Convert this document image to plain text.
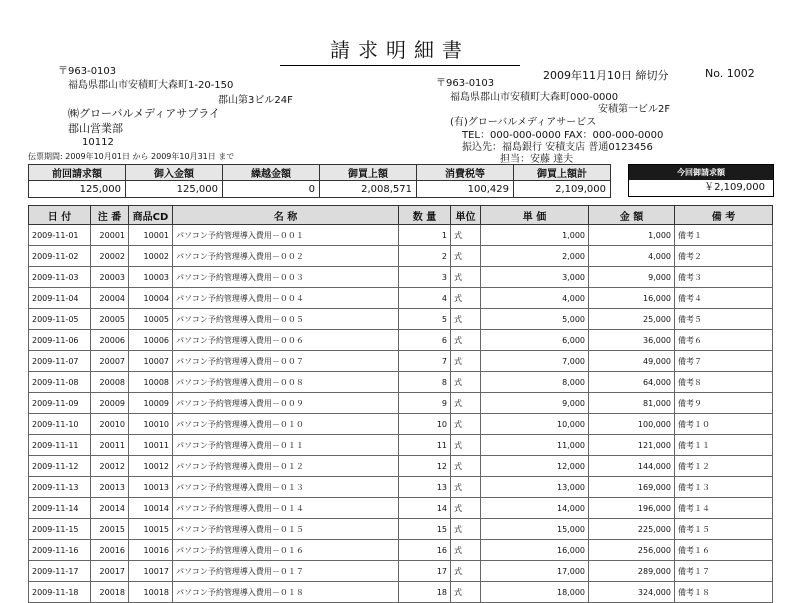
請求明細書
2009年11月10日 締切分	No. 1002
〒963-0103
福島県郡山市安積町大森町1-20-150
郡山第3ビル24F
㈱グローバルメディアサプライ
郡山営業部
10112
伝票期間: 2009年10月01日 から 2009年10月31日 まで
〒963-0103
福島県郡山市安積町大森町000-0000
安積第一ビル2F
(有)グローバルメディアサービス
TEL：000-000-0000 FAX：000-000-0000
振込先：福島銀行 安積支店 普通0123456
担当：安藤 達夫
前回請求額	御入金額	繰越金額	御買上額	消費税等	御買上額計
125,000	125,000	0	2,008,571	100,429	2,109,000
今回御請求額
￥2,109,000
日 付	注 番	商品CD	名 称	数 量	単位	単 価	金 額	備 考
2009-11-01	20001	10001	パソコン予約管理導入費用－００１	1	式	1,000	1,000	備考１
2009-11-02	20002	10002	パソコン予約管理導入費用－００２	2	式	2,000	4,000	備考２
2009-11-03	20003	10003	パソコン予約管理導入費用－００３	3	式	3,000	9,000	備考３
2009-11-04	20004	10004	パソコン予約管理導入費用－００４	4	式	4,000	16,000	備考４
2009-11-05	20005	10005	パソコン予約管理導入費用－００５	5	式	5,000	25,000	備考５
2009-11-06	20006	10006	パソコン予約管理導入費用－００６	6	式	6,000	36,000	備考６
2009-11-07	20007	10007	パソコン予約管理導入費用－００７	7	式	7,000	49,000	備考７
2009-11-08	20008	10008	パソコン予約管理導入費用－００８	8	式	8,000	64,000	備考８
2009-11-09	20009	10009	パソコン予約管理導入費用－００９	9	式	9,000	81,000	備考９
2009-11-10	20010	10010	パソコン予約管理導入費用－０１０	10	式	10,000	100,000	備考１０
2009-11-11	20011	10011	パソコン予約管理導入費用－０１１	11	式	11,000	121,000	備考１１
2009-11-12	20012	10012	パソコン予約管理導入費用－０１２	12	式	12,000	144,000	備考１２
2009-11-13	20013	10013	パソコン予約管理導入費用－０１３	13	式	13,000	169,000	備考１３
2009-11-14	20014	10014	パソコン予約管理導入費用－０１４	14	式	14,000	196,000	備考１４
2009-11-15	20015	10015	パソコン予約管理導入費用－０１５	15	式	15,000	225,000	備考１５
2009-11-16	20016	10016	パソコン予約管理導入費用－０１６	16	式	16,000	256,000	備考１６
2009-11-17	20017	10017	パソコン予約管理導入費用－０１７	17	式	17,000	289,000	備考１７
2009-11-18	20018	10018	パソコン予約管理導入費用－０１８	18	式	18,000	324,000	備考１８
